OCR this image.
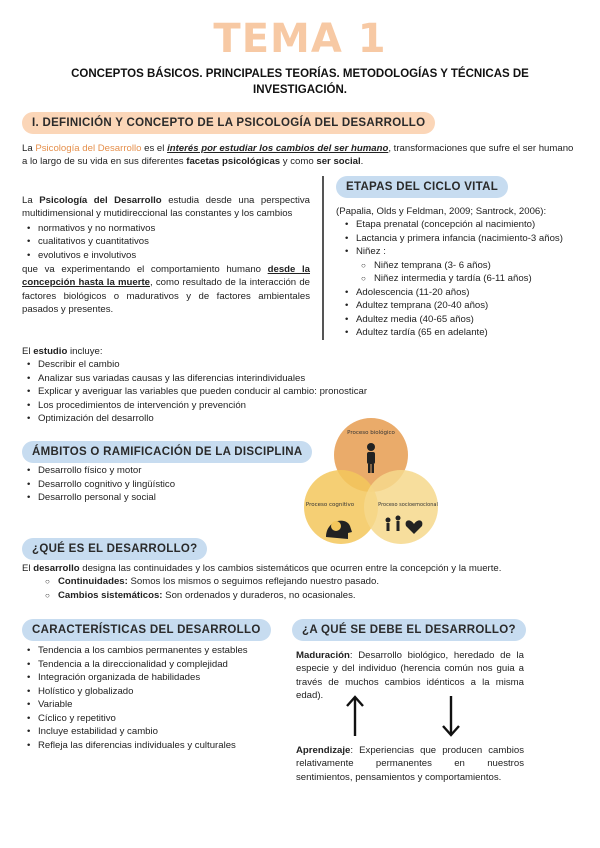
TEMA 1
CONCEPTOS BÁSICOS. PRINCIPALES TEORÍAS. METODOLOGÍAS Y TÉCNICAS DE INVESTIGACIÓN.
I. DEFINICIÓN Y CONCEPTO DE LA PSICOLOGÍA DEL DESARROLLO

La Psicología del Desarrollo es el interés por estudiar los cambios del ser humano, transformaciones que sufre el ser humano a lo largo de su vida en sus diferentes facetas psicológicas y como ser social.

La Psicología del Desarrollo estudia desde una perspectiva multidimensional y mutidireccional las constantes y los cambios

• normativos y no normativos
• cualitativos y cuantitativos
• evolutivos e involutivos

que va experimentando el comportamiento humano desde la concepción hasta la muerte, como resultado de la interacción de factores biológicos o madurativos y de factores ambientales pasados y presentes.

ETAPAS DEL CICLO VITAL

(Papalia, Olds y Feldman, 2009; Santrock, 2006):

• Etapa prenatal (concepción al nacimiento)
• Lactancia y primera infancia (nacimiento-3 años)
• Niñez :
○ Niñez temprana (3- 6 años)
○ Niñez intermedia y tardía (6-11 años)
• Adolescencia (11-20 años)
• Adultez temprana (20-40 años)
• Adultez media (40-65 años)
• Adultez tardía (65 en adelante)

El estudio incluye:

• Describir el cambio
• Analizar sus variadas causas y las diferencias interindividuales
• Explicar y averiguar las variables que pueden conducir al cambio: pronosticar
• Los procedimientos de intervención y prevención
• Optimización del desarrollo
ÁMBITOS O RAMIFICACIÓN DE LA DISCIPLINA
• Desarrollo físico y motor
• Desarrollo cognitivo y lingüístico
• Desarrollo personal y social
Proceso biológico
Proceso cognitivo	Proceso socioemocional
¿QUÉ ES EL DESARROLLO?

El desarrollo designa las continuidades y los cambios sistemáticos que ocurren entre la concepción y la muerte.

○ Continuidades: Somos los mismos o seguimos reflejando nuestro pasado.
○ Cambios sistemáticos: Son ordenados y duraderos, no ocasionales.
CARACTERÍSTICAS DEL DESARROLLO
• Tendencia a los cambios permanentes y estables
• Tendencia a la direccionalidad y complejidad
• Integración organizada de habilidades
• Holístico y globalizado
• Variable
• Cíclico y repetitivo
• Incluye estabilidad y cambio
• Refleja las diferencias individuales y culturales
¿A QUÉ SE DEBE EL DESARROLLO?

Maduración: Desarrollo biológico, heredado de la especie y del individuo (herencia común nos guia a través de muchos cambios idénticos a la misma edad).

Aprendizaje: Experiencias que producen cambios relativamente permanentes en nuestros sentimientos, pensamientos y comportamientos.
